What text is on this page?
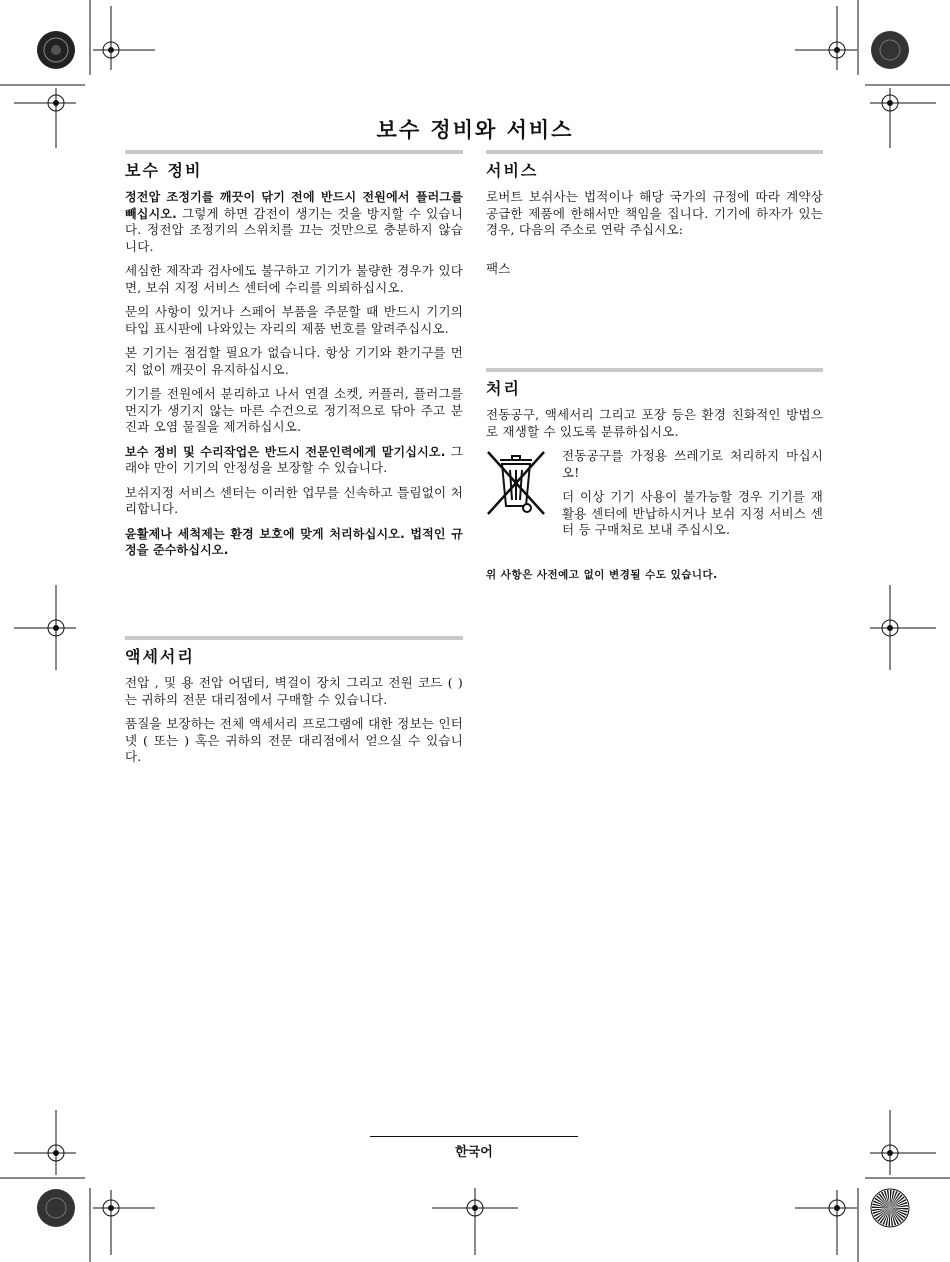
보수 정비와 서비스
보수 정비

정전압 조정기를 깨끗이 닦기 전에 반드시 전원에서 플러그를 빼십시오. 그렇게 하면 감전이 생기는 것을 방지할 수 있습니다. 정전압 조정기의 스위치를 끄는 것만으로 충분하지 않습니다.

세심한 제작과 검사에도 불구하고 기기가 불량한 경우가 있다면, 보쉬 지정 서비스 센터에 수리를 의뢰하십시오.

문의 사항이 있거나 스페어 부품을 주문할 때 반드시 기기의 타입 표시판에 나와있는 자리의 제품 번호를 알려주십시오.

본 기기는 점검할 필요가 없습니다. 항상 기기와 환기구를 먼지 없이 깨끗이 유지하십시오.

기기를 전원에서 분리하고 나서 연결 소켓, 커플러, 플러그를 먼지가 생기지 않는 마른 수건으로 정기적으로 닦아 주고 분진과 오염 물질을 제거하십시오.

보수 정비 및 수리작업은 반드시 전문인력에게 맡기십시오. 그래야 만이 기기의 안정성을 보장할 수 있습니다.

보쉬지정 서비스 센터는 이러한 업무를 신속하고 틀림없이 처리합니다.

윤활제나 세척제는 환경 보호에 맞게 처리하십시오. 법적인 규정을 준수하십시오.

액세서리

전압 , 및 용 전압 어댑터, 벽걸이 장치 그리고 전원 코드 ( ) 는 귀하의 전문 대리점에서 구매할 수 있습니다.

품질을 보장하는 전체 액세서리 프로그램에 대한 정보는 인터넷 ( 또는 ) 혹은 귀하의 전문 대리점에서 얻으실 수 있습니다.

서비스

로버트 보쉬사는 법적이나 해당 국가의 규정에 따라 계약상 공급한 제품에 한해서만 책임을 집니다. 기기에 하자가 있는 경우, 다음의 주소로 연락 주십시오:

팩스

처리

전동공구, 액세서리 그리고 포장 등은 환경 친화적인 방법으로 재생할 수 있도록 분류하십시오.

전동공구를 가정용 쓰레기로 처리하지 마십시오!

더 이상 기기 사용이 불가능할 경우 기기를 재활용 센터에 반납하시거나 보쉬 지정 서비스 센터 등 구매처로 보내 주십시오.

위 사항은 사전예고 없이 변경될 수도 있습니다.
한국어
